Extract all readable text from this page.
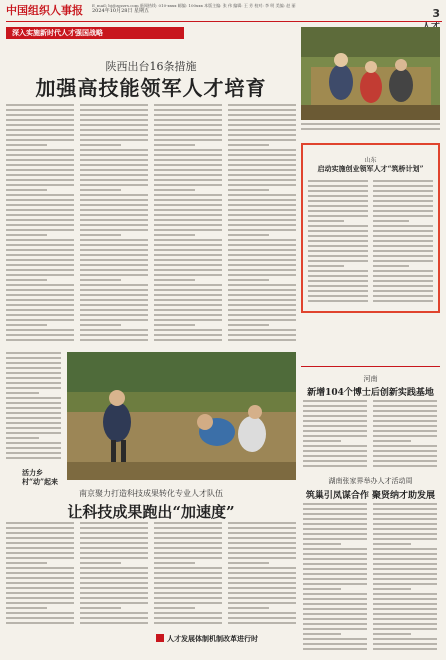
中国组织人事报	E_mail: bj@zgzzrs.com 新闻热线: 010-xxxx 邮编: 100xxx 本版主编: 张 伟 编辑: 王 芳 校对: 李 明 美编: 赵 丽
2024年10月28日 星期五	3
深入实施新时代人才强国战略
陕西出台16条措施
加强高技能领军人才培育
山东
启动实施创业领军人才“筑桥计划”
河南
新增104个博士后创新实践基地
湖南张家界举办人才活动周
筑巢引凤谋合作 聚贤纳才助发展
活力乡村“动”起来
南京聚力打造科技成果转化专业人才队伍
让科技成果跑出“加速度”
人才发展体制机制改革进行时
